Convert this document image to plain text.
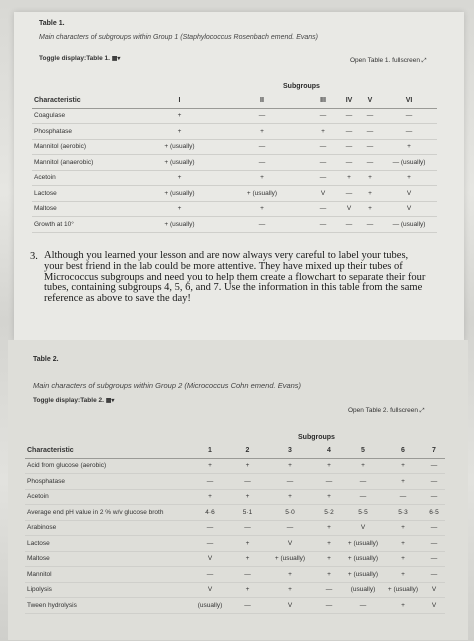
Table 1.
Main characters of subgroups within Group 1 (Staphylococcus Rosenbach emend. Evans)
Toggle display:Table 1. ▦▾	Open Table 1. fullscreen ⤢
Subgroups
Characteristic	I	II	III	IV	V	VI
Coagulase	+	—	—	—	—	—
Phosphatase	+	+	+	—	—	—
Mannitol (aerobic)	+ (usually)	—	—	—	—	+
Mannitol (anaerobic)	+ (usually)	—	—	—	—	— (usually)
Acetoin	+	+	—	+	+	+
Lactose	+ (usually)	+ (usually)	V	—	+	V
Maltose	+	+	—	V	+	V
Growth at 10°	+ (usually)	—	—	—	—	— (usually)
3. Although you learned your lesson and are now always very careful to label your tubes, your best friend in the lab could be more attentive. They have mixed up their tubes of Micrococcus subgroups and need you to help them create a flowchart to separate their four tubes, containing subgroups 4, 5, 6, and 7. Use the information in this table from the same reference as above to save the day!
Table 2.
Main characters of subgroups within Group 2 (Micrococcus Cohn emend. Evans)
Toggle display:Table 2. ▦▾
Open Table 2. fullscreen ⤢
Subgroups
Characteristic	1	2	3	4	5	6	7
Acid from glucose (aerobic)	+	+	+	+	+	+	—
Phosphatase	—	—	—	—	—	+	—
Acetoin	+	+	+	+	—	—	—
Average end pH value in 2 % w/v glucose broth	4·6	5·1	5·0	5·2	5·5	5·3	6·5
Arabinose	—	—	—	+	V	+	—
Lactose	—	+	V	+	+ (usually)	+	—
Maltose	V	+	+ (usually)	+	+ (usually)	+	—
Mannitol	—	—	+	+	+ (usually)	+	—
Lipolysis	V	+	+	—	(usually)	+ (usually)	V
Tween hydrolysis	(usually)	—	V	—	—	+	V
